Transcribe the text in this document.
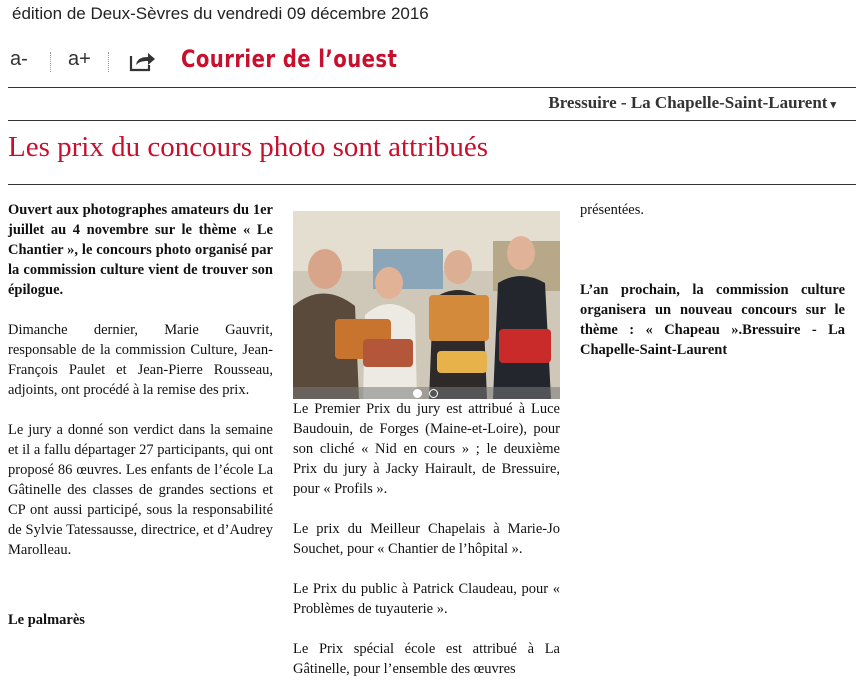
édition de Deux-Sèvres du vendredi 09 décembre 2016
a- a+	Courrier de l’ouest
Bressuire - La Chapelle-Saint-Laurent ▾
Les prix du concours photo sont attribués

Ouvert aux photographes amateurs du 1er juillet au 4 novembre sur le thème « Le Chantier », le concours photo organisé par la commission culture vient de trouver son épilogue.

Dimanche dernier, Marie Gauvrit, responsable de la commission Culture, Jean-François Paulet et Jean-Pierre Rousseau, adjoints, ont procédé à la remise des prix.

Le jury a donné son verdict dans la semaine et il a fallu départager 27 participants, qui ont proposé 86 œuvres. Les enfants de l’école La Gâtinelle des classes de grandes sections et CP ont aussi participé, sous la responsabilité de Sylvie Tatessausse, directrice, et d’Audrey Marolleau.

Le palmarès

Le Premier Prix du jury est attribué à Luce Baudouin, de Forges (Maine-et-Loire), pour son cliché « Nid en cours » ; le deuxième Prix du jury à Jacky Hairault, de Bressuire, pour « Profils ».

Le prix du Meilleur Chapelais à Marie-Jo Souchet, pour « Chantier de l’hôpital ».

Le Prix du public à Patrick Claudeau, pour « Problèmes de tuyauterie ».

Le Prix spécial école est attribué à La Gâtinelle, pour l’ensemble des œuvres

présentées.

L’an prochain, la commission culture organisera un nouveau concours sur le thème : « Chapeau ».Bressuire - La Chapelle-Saint-Laurent
